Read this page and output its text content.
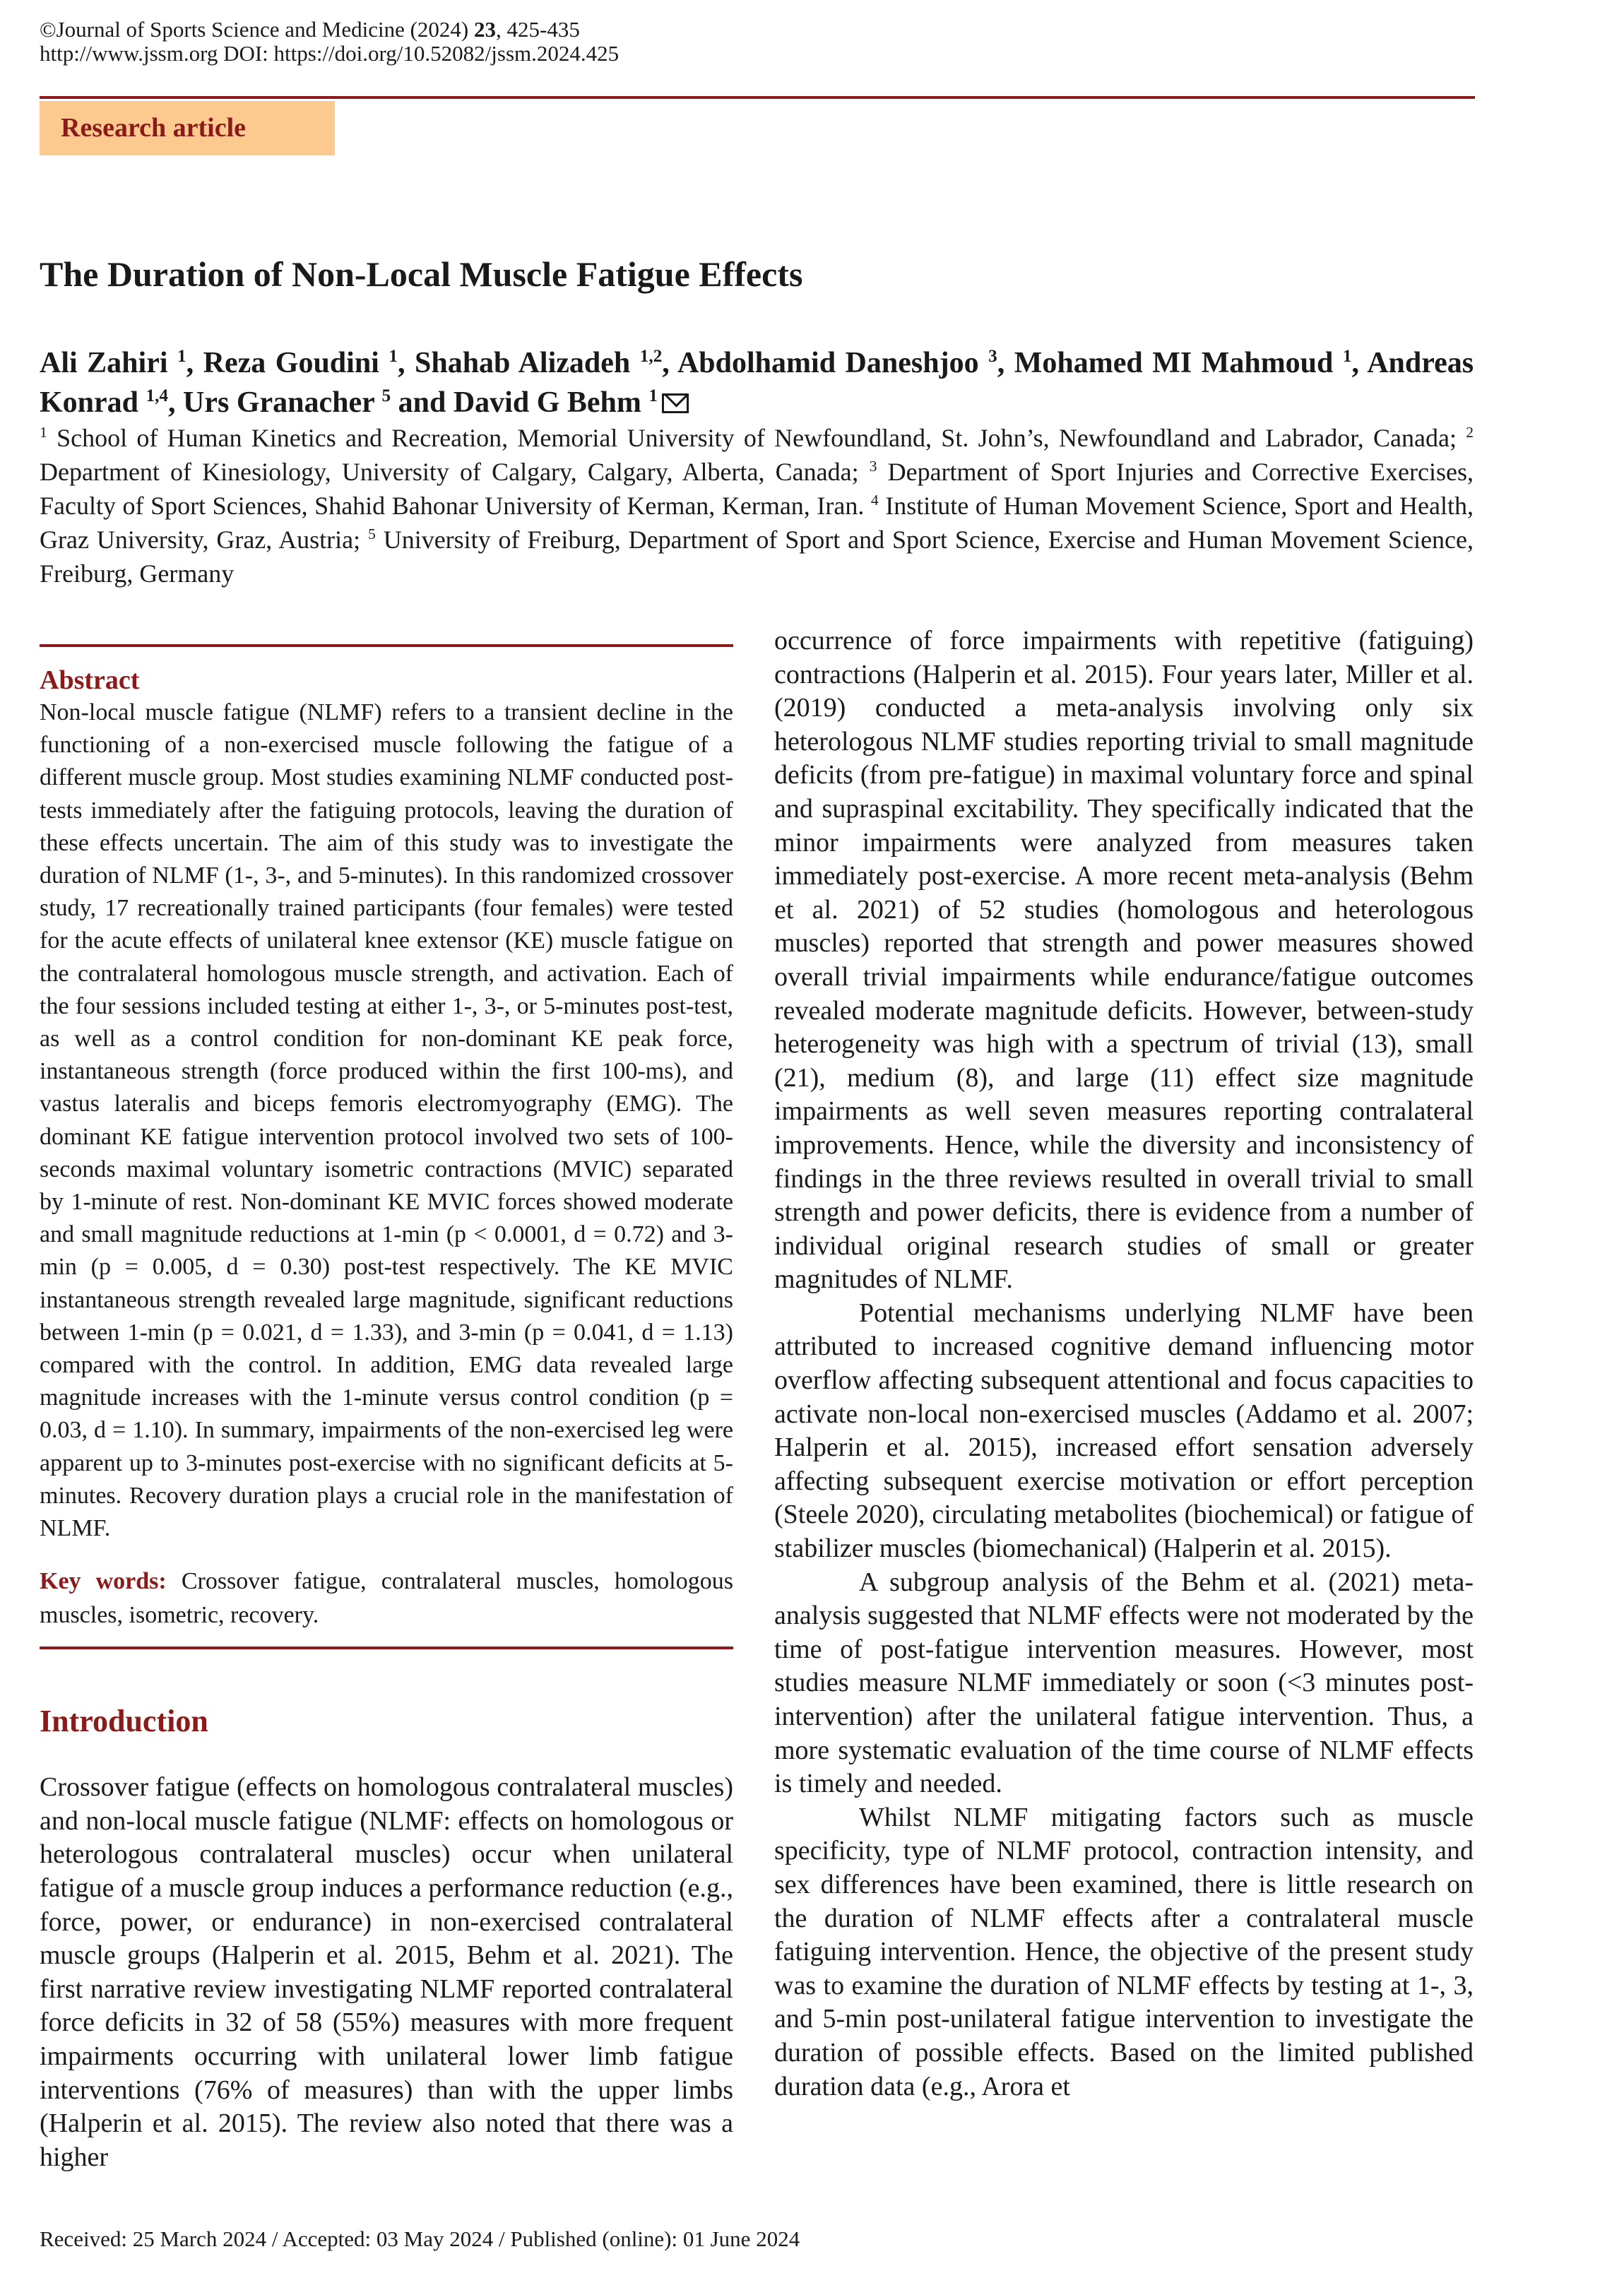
©Journal of Sports Science and Medicine (2024) 23, 425-435
http://www.jssm.org DOI: https://doi.org/10.52082/jssm.2024.425
Research article
The Duration of Non-Local Muscle Fatigue Effects

Ali Zahiri $^1$, Reza Goudini $^1$, Shahab Alizadeh $^{1,2}$, Abdolhamid Daneshjoo $^3$, Mohamed MI Mahmoud $^1$, Andreas Konrad $^{1,4}$, Urs Granacher $^5$ and David G Behm $^1$

$^1$ School of Human Kinetics and Recreation, Memorial University of Newfoundland, St. John’s, Newfoundland and Labrador, Canada; $^2$ Department of Kinesiology, University of Calgary, Calgary, Alberta, Canada; $^3$ Department of Sport Injuries and Corrective Exercises, Faculty of Sport Sciences, Shahid Bahonar University of Kerman, Kerman, Iran. $^4$ Institute of Human Movement Science, Sport and Health, Graz University, Graz, Austria; $^5$ University of Freiburg, Department of Sport and Sport Science, Exercise and Human Movement Science, Freiburg, Germany

Abstract

Non-local muscle fatigue (NLMF) refers to a transient decline in the functioning of a non-exercised muscle following the fatigue of a different muscle group. Most studies examining NLMF conducted post-tests immediately after the fatiguing protocols, leaving the duration of these effects uncertain. The aim of this study was to investigate the duration of NLMF (1-, 3-, and 5-minutes). In this randomized crossover study, 17 recreationally trained participants (four females) were tested for the acute effects of unilateral knee extensor (KE) muscle fatigue on the contralateral homologous muscle strength, and activation. Each of the four sessions included testing at either 1-, 3-, or 5-minutes post-test, as well as a control condition for non-dominant KE peak force, instantaneous strength (force produced within the first 100-ms), and vastus lateralis and biceps femoris electromyography (EMG). The dominant KE fatigue intervention protocol involved two sets of 100-seconds maximal voluntary isometric contractions (MVIC) separated by 1-minute of rest. Non-dominant KE MVIC forces showed moderate and small magnitude reductions at 1-min (p < 0.0001, d = 0.72) and 3-min (p = 0.005, d = 0.30) post-test respectively. The KE MVIC instantaneous strength revealed large magnitude, significant reductions between 1-min (p = 0.021, d = 1.33), and 3-min (p = 0.041, d = 1.13) compared with the control. In addition, EMG data revealed large magnitude increases with the 1-minute versus control condition (p = 0.03, d = 1.10). In summary, impairments of the non-exercised leg were apparent up to 3-minutes post-exercise with no significant deficits at 5-minutes. Recovery duration plays a crucial role in the manifestation of NLMF.

Key words: Crossover fatigue, contralateral muscles, homologous muscles, isometric, recovery.

Introduction

Crossover fatigue (effects on homologous contralateral muscles) and non-local muscle fatigue (NLMF: effects on homologous or heterologous contralateral muscles) occur when unilateral fatigue of a muscle group induces a performance reduction (e.g., force, power, or endurance) in non-exercised contralateral muscle groups (Halperin et al. 2015, Behm et al. 2021). The first narrative review investigating NLMF reported contralateral force deficits in 32 of 58 (55%) measures with more frequent impairments occurring with unilateral lower limb fatigue interventions (76% of measures) than with the upper limbs (Halperin et al. 2015). The review also noted that there was a higher

occurrence of force impairments with repetitive (fatiguing) contractions (Halperin et al. 2015). Four years later, Miller et al. (2019) conducted a meta-analysis involving only six heterologous NLMF studies reporting trivial to small magnitude deficits (from pre-fatigue) in maximal voluntary force and spinal and supraspinal excitability. They specifically indicated that the minor impairments were analyzed from measures taken immediately post-exercise. A more recent meta-analysis (Behm et al. 2021) of 52 studies (homologous and heterologous muscles) reported that strength and power measures showed overall trivial impairments while endurance/fatigue outcomes revealed moderate magnitude deficits. However, between-study heterogeneity was high with a spectrum of trivial (13), small (21), medium (8), and large (11) effect size magnitude impairments as well seven measures reporting contralateral improvements. Hence, while the diversity and inconsistency of findings in the three reviews resulted in overall trivial to small strength and power deficits, there is evidence from a number of individual original research studies of small or greater magnitudes of NLMF.

Potential mechanisms underlying NLMF have been attributed to increased cognitive demand influencing motor overflow affecting subsequent attentional and focus capacities to activate non-local non-exercised muscles (Addamo et al. 2007; Halperin et al. 2015), increased effort sensation adversely affecting subsequent exercise motivation or effort perception (Steele 2020), circulating metabolites (biochemical) or fatigue of stabilizer muscles (biomechanical) (Halperin et al. 2015).

A subgroup analysis of the Behm et al. (2021) meta-analysis suggested that NLMF effects were not moderated by the time of post-fatigue intervention measures. However, most studies measure NLMF immediately or soon (<3 minutes post-intervention) after the unilateral fatigue intervention. Thus, a more systematic evaluation of the time course of NLMF effects is timely and needed.

Whilst NLMF mitigating factors such as muscle specificity, type of NLMF protocol, contraction intensity, and sex differences have been examined, there is little research on the duration of NLMF effects after a contralateral muscle fatiguing intervention. Hence, the objective of the present study was to examine the duration of NLMF effects by testing at 1-, 3, and 5-min post-unilateral fatigue intervention to investigate the duration of possible effects. Based on the limited published duration data (e.g., Arora et

Received: 25 March 2024 / Accepted: 03 May 2024 / Published (online): 01 June 2024
